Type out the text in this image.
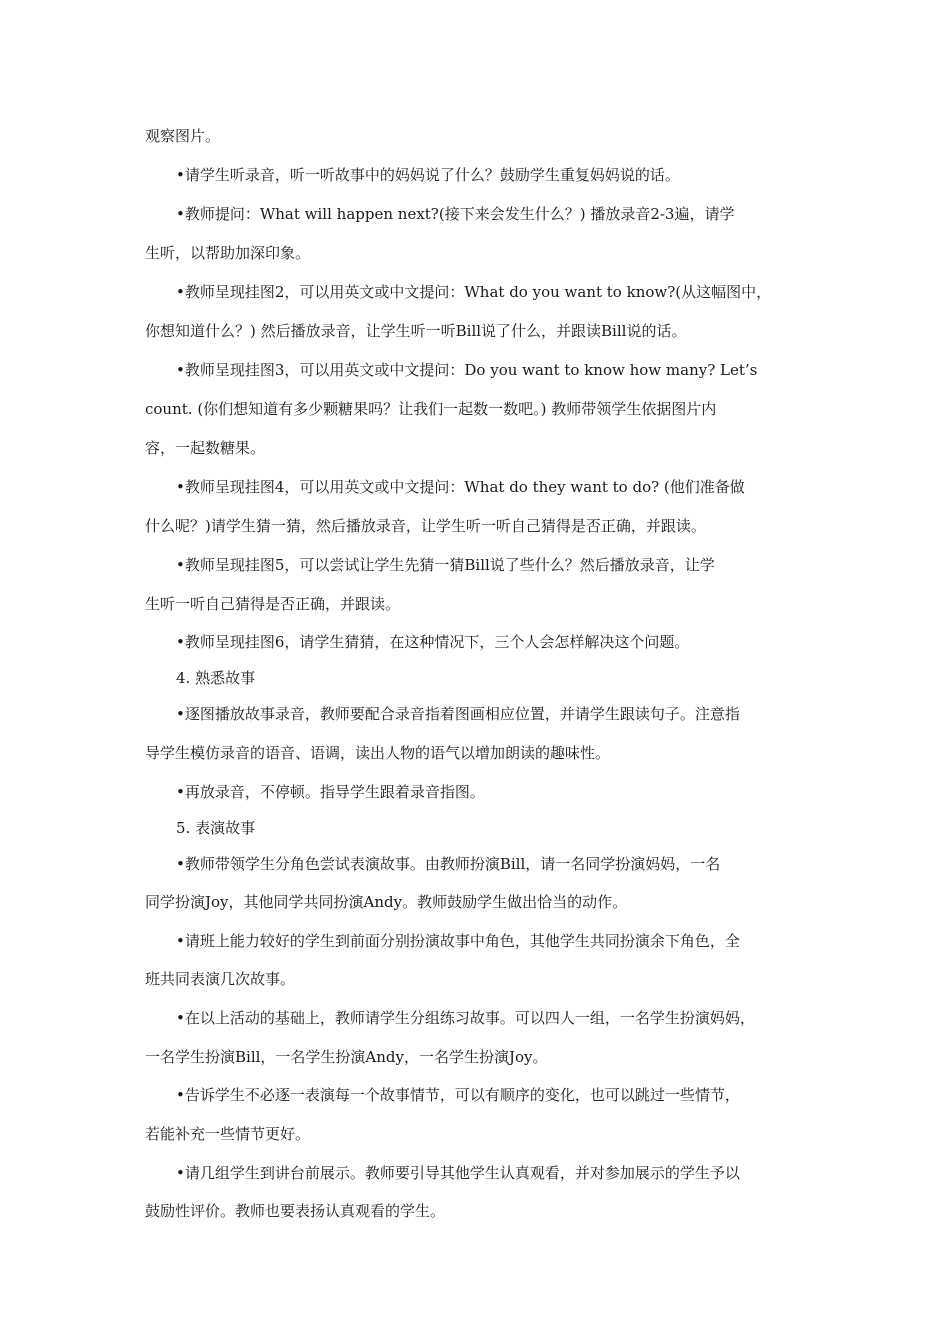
观察图片。
•请学生听录音，听一听故事中的妈妈说了什么？鼓励学生重复妈妈说的话。
•教师提问：What will happen next?(接下来会发生什么？) 播放录音2-3遍，请学
生听，以帮助加深印象。
•教师呈现挂图2，可以用英文或中文提问：What do you want to know?(从这幅图中，
你想知道什么？) 然后播放录音，让学生听一听Bill说了什么，并跟读Bill说的话。
•教师呈现挂图3，可以用英文或中文提问：Do you want to know how many? Let’s
count. (你们想知道有多少颗糖果吗？让我们一起数一数吧。) 教师带领学生依据图片内
容，一起数糖果。
•教师呈现挂图4，可以用英文或中文提问：What do they want to do? (他们准备做
什么呢？)请学生猜一猜，然后播放录音，让学生听一听自己猜得是否正确，并跟读。
•教师呈现挂图5，可以尝试让学生先猜一猜Bill说了些什么？然后播放录音，让学
生听一听自己猜得是否正确，并跟读。
•教师呈现挂图6，请学生猜猜，在这种情况下，三个人会怎样解决这个问题。
4. 熟悉故事
•逐图播放故事录音，教师要配合录音指着图画相应位置，并请学生跟读句子。注意指
导学生模仿录音的语音、语调，读出人物的语气以增加朗读的趣味性。
•再放录音，不停顿。指导学生跟着录音指图。
5. 表演故事
•教师带领学生分角色尝试表演故事。由教师扮演Bill，请一名同学扮演妈妈，一名
同学扮演Joy，其他同学共同扮演Andy。教师鼓励学生做出恰当的动作。
•请班上能力较好的学生到前面分别扮演故事中角色，其他学生共同扮演余下角色，全
班共同表演几次故事。
•在以上活动的基础上，教师请学生分组练习故事。可以四人一组，一名学生扮演妈妈，
一名学生扮演Bill，一名学生扮演Andy，一名学生扮演Joy。
•告诉学生不必逐一表演每一个故事情节，可以有顺序的变化，也可以跳过一些情节，
若能补充一些情节更好。
•请几组学生到讲台前展示。教师要引导其他学生认真观看，并对参加展示的学生予以
鼓励性评价。教师也要表扬认真观看的学生。
